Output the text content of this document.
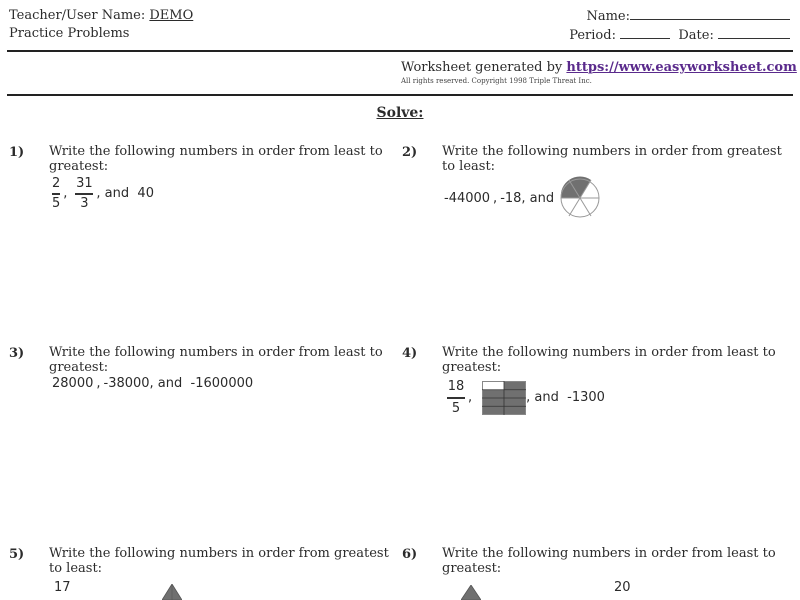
Teacher/User Name: DEMO
Practice Problems
Name:
Period:	Date:
Worksheet generated by https://www.easyworksheet.com
All rights reserved. Copyright 1998 Triple Threat Inc.
Solve:
1) Write the following numbers in order from least to greatest:
$\frac{2}{5}$ , $\frac{31}{3}$ , and
40
2) Write the following numbers in order from greatest to least:
-44000 , -18 , and
3) Write the following numbers in order from least to greatest:
28000 , -38000 , and
-1600000
4) Write the following numbers in order from least to greatest:
$\frac{18}{5}$ ,	, and
-1300
5) Write the following numbers in order from greatest to least:
17
6) Write the following numbers in order from least to greatest:
20
